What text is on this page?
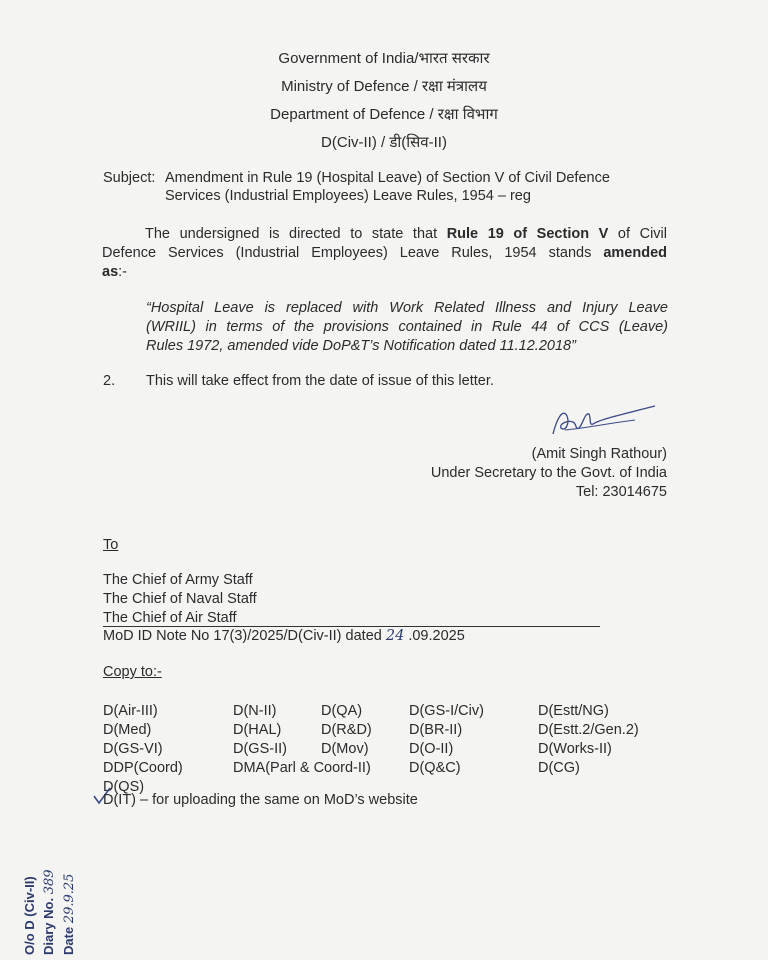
Government of India/भारत सरकार
Ministry of Defence / रक्षा मंत्रालय
Department of Defence / रक्षा विभाग
D(Civ-II) / डी(सिव-II)
Subject: Amendment in Rule 19 (Hospital Leave) of Section V of Civil Defence
Services (Industrial Employees) Leave Rules, 1954 – reg
The undersigned is directed to state that Rule 19 of Section V of Civil
Defence Services (Industrial Employees) Leave Rules, 1954 stands amended
as:-
“Hospital Leave is replaced with Work Related Illness and Injury Leave
(WRIIL) in terms of the provisions contained in Rule 44 of CCS (Leave)
Rules 1972, amended vide DoP&T’s Notification dated 11.12.2018”
2. This will take effect from the date of issue of this letter.
(Amit Singh Rathour)
Under Secretary to the Govt. of India
Tel: 23014675
To
The Chief of Army Staff
The Chief of Naval Staff
The Chief of Air Staff
MoD ID Note No 17(3)/2025/D(Civ-II) dated 24 .09.2025
Copy to:-
D(Air-III)
D(Med)
D(GS-VI)
DDP(Coord)
D(QS)
D(N-II)
D(HAL)
D(GS-II)
DMA(Parl & Coord-II)
D(QA)
D(R&D)
D(Mov)
D(GS-I/Civ)
D(BR-II)
D(O-II)
D(Q&C)
D(Estt/NG)
D(Estt.2/Gen.2)
D(Works-II)
D(CG)
D(IT) – for uploading the same on MoD’s website
O/o D (Civ-II) Diary No. 389
Date 29.9.25
